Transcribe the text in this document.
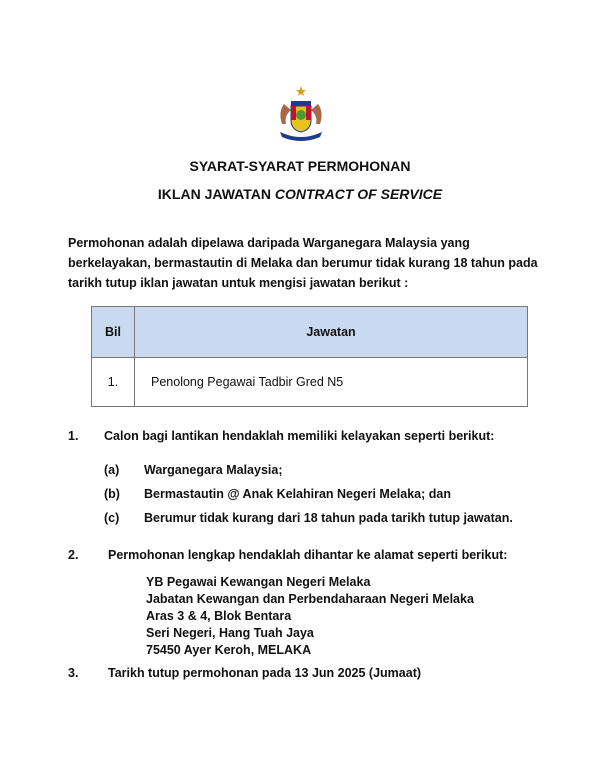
SYARAT-SYARAT PERMOHONAN
IKLAN JAWATAN CONTRACT OF SERVICE
Permohonan adalah dipelawa daripada Warganegara Malaysia yang berkelayakan, bermastautin di Melaka dan berumur tidak kurang 18 tahun pada tarikh tutup iklan jawatan untuk mengisi jawatan berikut :
Bil	Jawatan
1.	Penolong Pegawai Tadbir Gred N5
1. Calon bagi lantikan hendaklah memiliki kelayakan seperti berikut:
(a) Warganegara Malaysia;
(b) Bermastautin @ Anak Kelahiran Negeri Melaka; dan
(c) Berumur tidak kurang dari 18 tahun pada tarikh tutup jawatan.
2. Permohonan lengkap hendaklah dihantar ke alamat seperti berikut:
YB Pegawai Kewangan Negeri Melaka
Jabatan Kewangan dan Perbendaharaan Negeri Melaka
Aras 3 & 4, Blok Bentara
Seri Negeri, Hang Tuah Jaya
75450 Ayer Keroh, MELAKA
3. Tarikh tutup permohonan pada 13 Jun 2025 (Jumaat)
